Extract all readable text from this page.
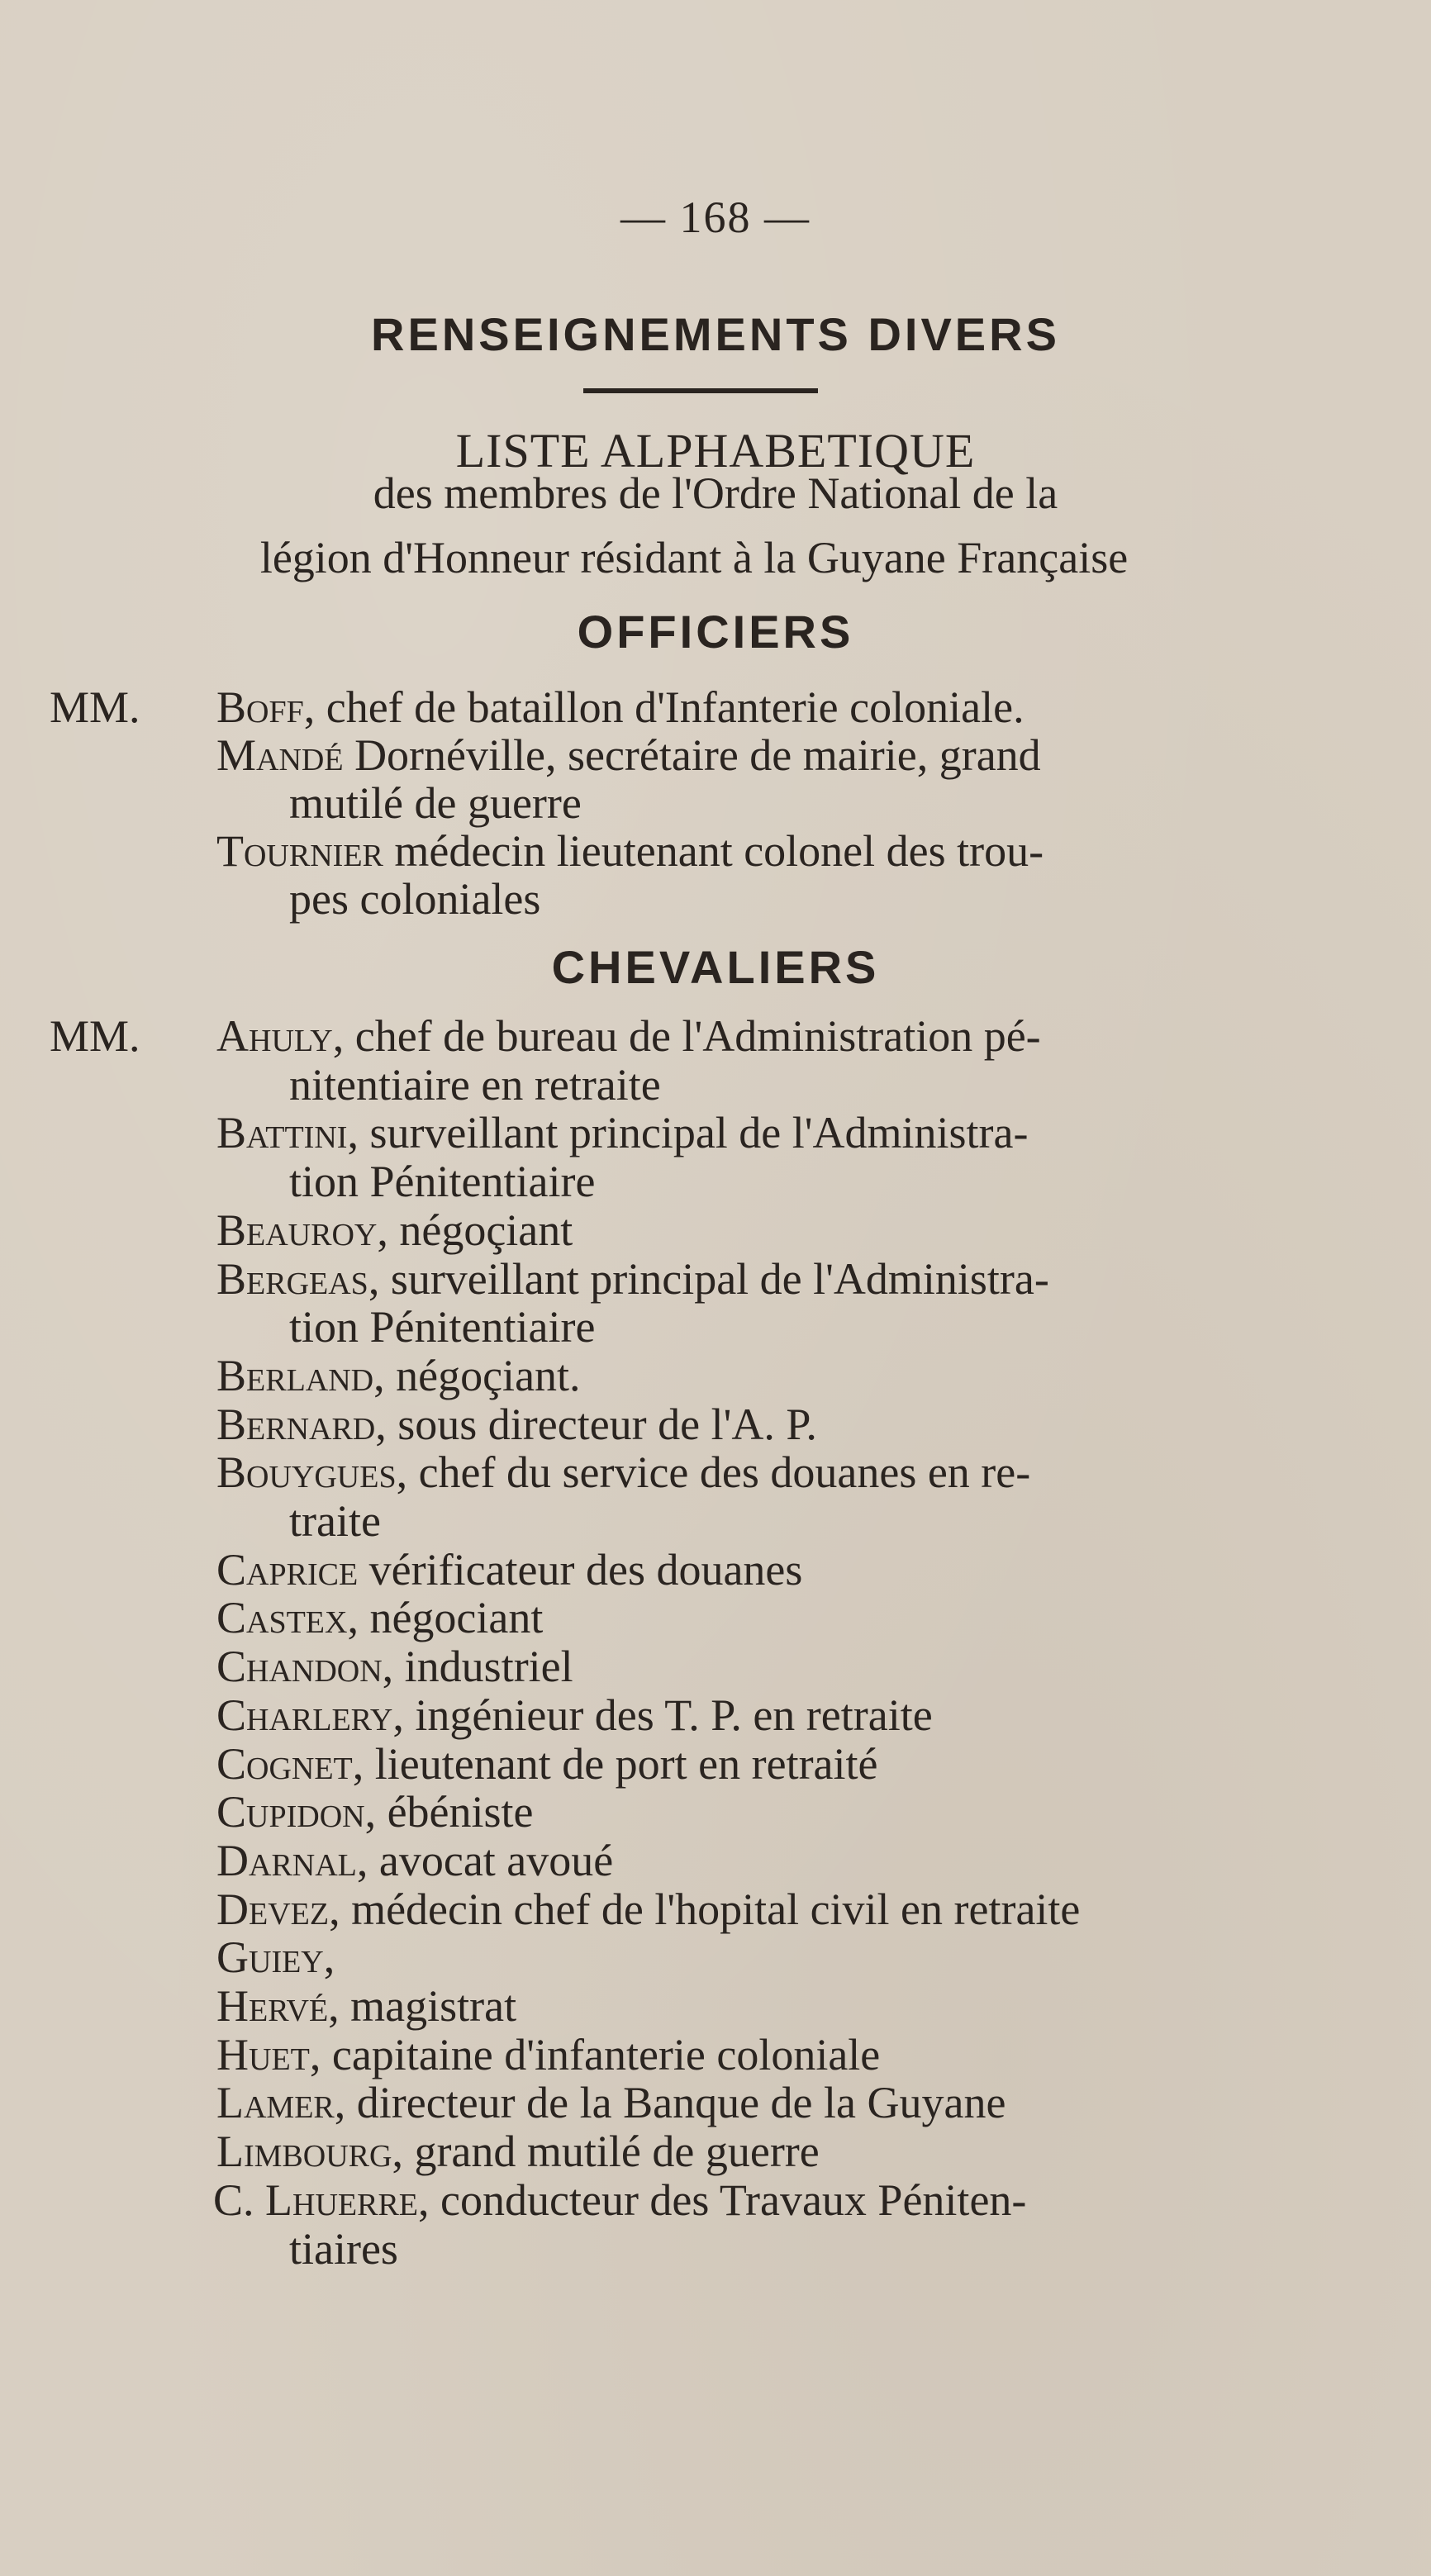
— 168 —
RENSEIGNEMENTS DIVERS
LISTE ALPHABETIQUE
des membres de l'Ordre National de la
légion d'Honneur résidant à la Guyane Française
OFFICIERS
MM. Boff, chef de bataillon d'Infanterie coloniale.
Mandé Dornéville, secrétaire de mairie, grand
mutilé de guerre
Tournier médecin lieutenant colonel des trou-
pes coloniales
CHEVALIERS
MM. Ahuly, chef de bureau de l'Administration pé-
nitentiaire en retraite
Battini, surveillant principal de l'Administra-
tion Pénitentiaire
Beauroy, négoçiant
Bergeas, surveillant principal de l'Administra-
tion Pénitentiaire
Berland, négoçiant.
Bernard, sous directeur de l'A. P.
Bouygues, chef du service des douanes en re-
traite
Caprice vérificateur des douanes
Castex, négociant
Chandon, industriel
Charlery, ingénieur des T. P. en retraite
Cognet, lieutenant de port en retraité
Cupidon, ébéniste
Darnal, avocat avoué
Devez, médecin chef de l'hopital civil en retraite
Guiey,
Hervé, magistrat
Huet, capitaine d'infanterie coloniale
Lamer, directeur de la Banque de la Guyane
Limbourg, grand mutilé de guerre
C. Lhuerre, conducteur des Travaux Péniten-
tiaires
